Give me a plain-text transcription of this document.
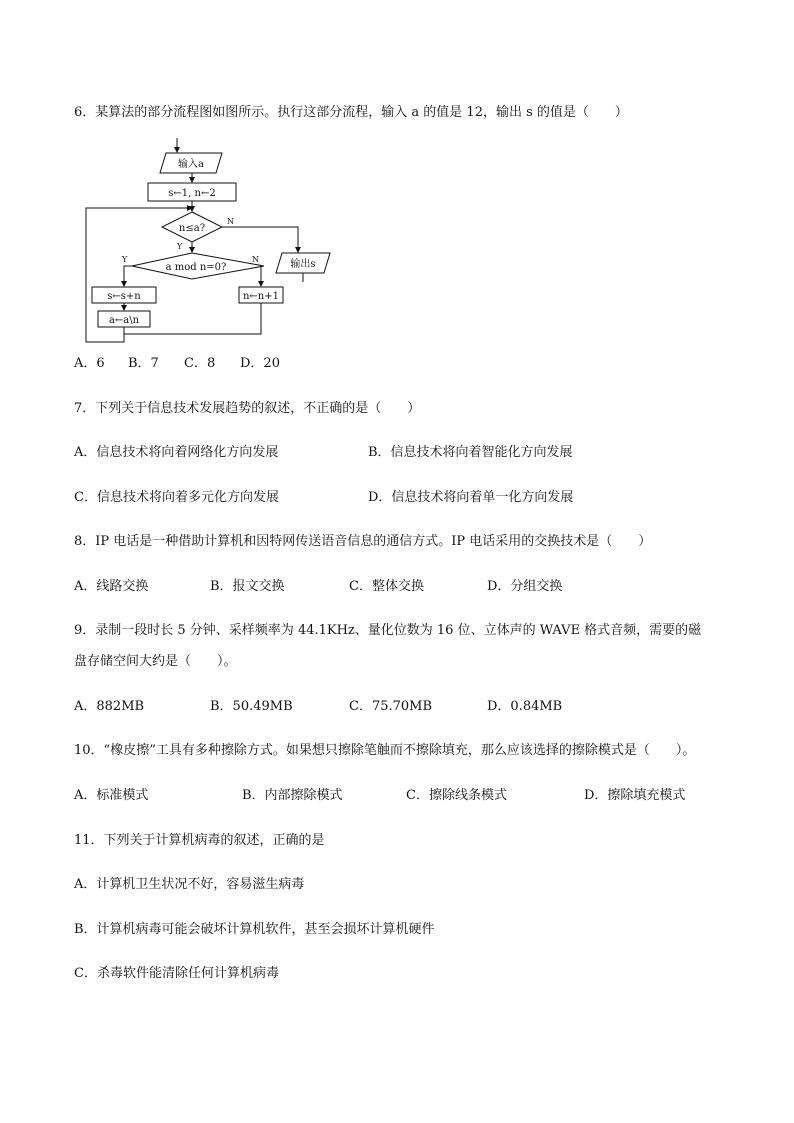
6．某算法的部分流程图如图所示。执行这部分流程，输入 a 的值是 12，输出 s 的值是（　　）
输入a
s←1, n←2
n≤a?
N
Y
a mod n=0?
Y	N	输出s
s←s+n
a←a\n
n←n+1
A．6 B．7 C．8 D．20
7．下列关于信息技术发展趋势的叙述，不正确的是（　　）
A．信息技术将向着网络化方向发展	B．信息技术将向着智能化方向发展
C．信息技术将向着多元化方向发展	D．信息技术将向着单一化方向发展
8．IP 电话是一种借助计算机和因特网传送语音信息的通信方式。IP 电话采用的交换技术是（　　）
A．线路交换	B．报文交换	C．整体交换	D．分组交换
9．录制一段时长 5 分钟、采样频率为 44.1KHz、量化位数为 16 位、立体声的 WAVE 格式音频，需要的磁
盘存储空间大约是（　　）。
A．882MB	B．50.49MB	C．75.70MB	D．0.84MB
10．“橡皮擦”工具有多种擦除方式。如果想只擦除笔触而不擦除填充，那么应该选择的擦除模式是（　　）。
A．标准模式	B．内部擦除模式	C．擦除线条模式	D．擦除填充模式
11．下列关于计算机病毒的叙述，正确的是
A．计算机卫生状况不好，容易滋生病毒
B．计算机病毒可能会破坏计算机软件，甚至会损坏计算机硬件
C．杀毒软件能清除任何计算机病毒
